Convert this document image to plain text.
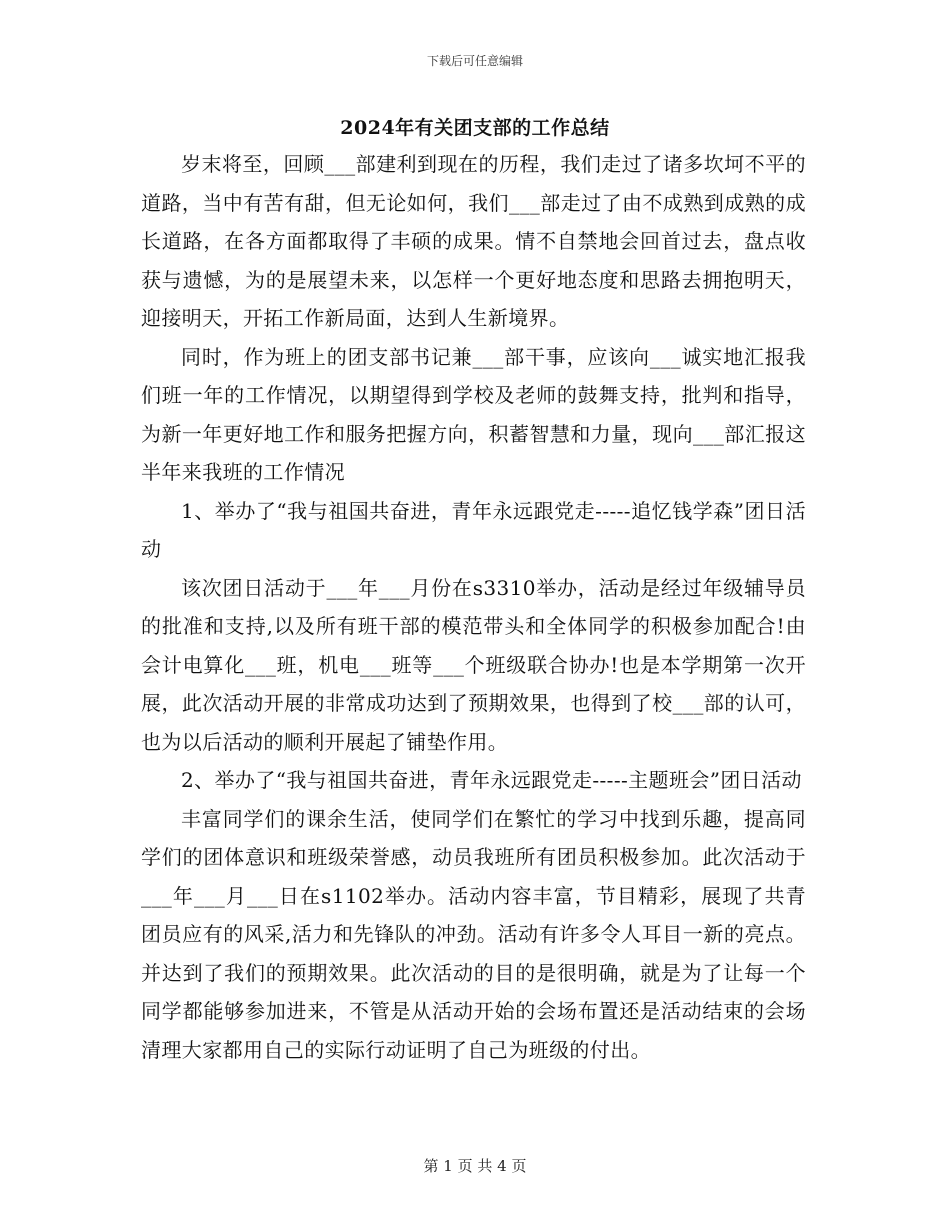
下载后可任意编辑
2024年有关团支部的工作总结

岁末将至，回顾___部建利到现在的历程，我们走过了诸多坎坷不平的道路，当中有苦有甜，但无论如何，我们___部走过了由不成熟到成熟的成长道路，在各方面都取得了丰硕的成果。情不自禁地会回首过去，盘点收获与遗憾，为的是展望未来，以怎样一个更好地态度和思路去拥抱明天，迎接明天，开拓工作新局面，达到人生新境界。

同时，作为班上的团支部书记兼___部干事，应该向___诚实地汇报我们班一年的工作情况，以期望得到学校及老师的鼓舞支持，批判和指导，为新一年更好地工作和服务把握方向，积蓄智慧和力量，现向___部汇报这半年来我班的工作情况

1、举办了“我与祖国共奋进，青年永远跟党走-----追忆钱学森”团日活动

该次团日活动于___年___月份在s3310举办，活动是经过年级辅导员的批准和支持,以及所有班干部的模范带头和全体同学的积极参加配合!由会计电算化___班，机电___班等___个班级联合协办!也是本学期第一次开展，此次活动开展的非常成功达到了预期效果，也得到了校___部的认可，也为以后活动的顺利开展起了铺垫作用。

2、举办了“我与祖国共奋进，青年永远跟党走-----主题班会”团日活动

丰富同学们的课余生活，使同学们在繁忙的学习中找到乐趣，提高同学们的团体意识和班级荣誉感，动员我班所有团员积极参加。此次活动于___年___月___日在s1102举办。活动内容丰富，节目精彩，展现了共青团员应有的风采,活力和先锋队的冲劲。活动有许多令人耳目一新的亮点。并达到了我们的预期效果。此次活动的目的是很明确，就是为了让每一个同学都能够参加进来，不管是从活动开始的会场布置还是活动结束的会场清理大家都用自己的实际行动证明了自己为班级的付出。

第 1 页 共 4 页
